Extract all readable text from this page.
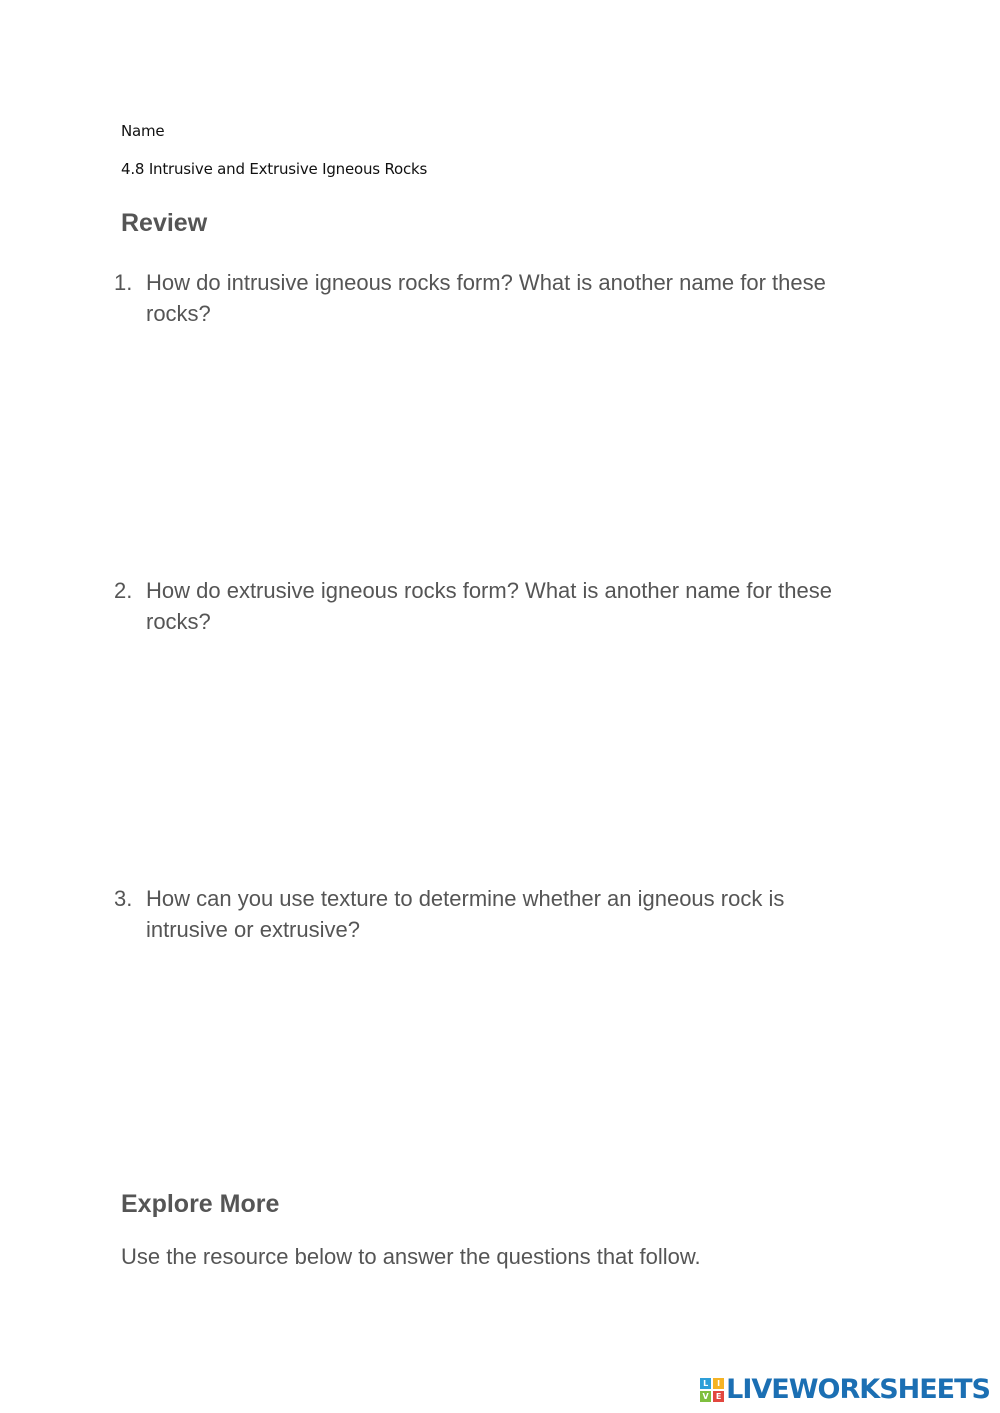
Name
4.8 Intrusive and Extrusive Igneous Rocks
Review
1. How do intrusive igneous rocks form? What is another name for these rocks?
2. How do extrusive igneous rocks form? What is another name for these rocks?
3. How can you use texture to determine whether an igneous rock is intrusive or extrusive?
Explore More
Use the resource below to answer the questions that follow.
L	I
V E LIVEWORKSHEETS
